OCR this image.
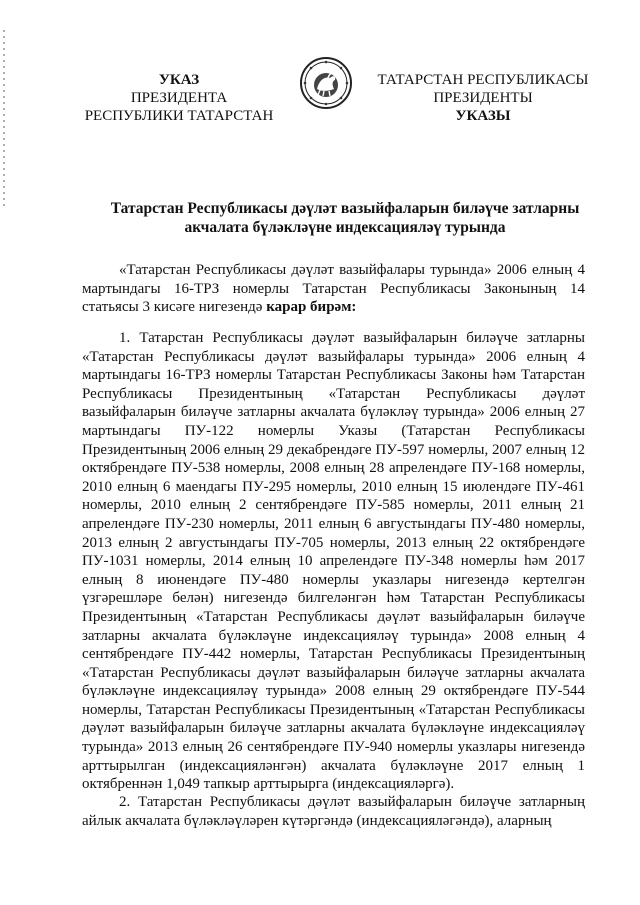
УКАЗ
ПРЕЗИДЕНТА
РЕСПУБЛИКИ ТАТАРСТАН
ТАТАРСТАН РЕСПУБЛИКАСЫ
ПРЕЗИДЕНТЫ
УКАЗЫ
Татарстан Республикасы дәүләт вазыйфаларын биләүче затларны
акчалата бүләкләүне индексацияләү турында
«Татарстан Республикасы дәүләт вазыйфалары турында» 2006 елның 4 мартындагы 16-ТРЗ номерлы Татарстан Республикасы Законының 14 статьясы 3 кисәге нигезендә карар бирәм:
1. Татарстан Республикасы дәүләт вазыйфаларын биләүче затларны «Татарстан Республикасы дәүләт вазыйфалары турында» 2006 елның 4 мартындагы 16-ТРЗ номерлы Татарстан Республикасы Законы һәм Татарстан Республикасы Президентының «Татарстан Республикасы дәүләт вазыйфаларын биләүче затларны акчалата бүләкләү турында» 2006 елның 27 мартындагы ПУ-122 номерлы Указы (Татарстан Республикасы Президентының 2006 елның 29 декабрендәге ПУ-597 номерлы, 2007 елның 12 октябрендәге ПУ-538 номерлы, 2008 елның 28 апрелендәге ПУ-168 номерлы, 2010 елның 6 маендагы ПУ-295 номерлы, 2010 елның 15 июлендәге ПУ-461 номерлы, 2010 елның 2 сентябрендәге ПУ-585 номерлы, 2011 елның 21 апрелендәге ПУ-230 номерлы, 2011 елның 6 августындагы ПУ-480 номерлы, 2013 елның 2 августындагы ПУ-705 номерлы, 2013 елның 22 октябрендәге ПУ-1031 номерлы, 2014 елның 10 апрелендәге ПУ-348 номерлы һәм 2017 елның 8 июнендәге ПУ-480 номерлы указлары нигезендә кертелгән үзгәрешләре белән) нигезендә билгеләнгән һәм Татарстан Республикасы Президентының «Татарстан Республикасы дәүләт вазыйфаларын биләүче затларны акчалата бүләкләүне индексацияләү турында» 2008 елның 4 сентябрендәге ПУ-442 номерлы, Татарстан Республикасы Президентының «Татарстан Республикасы дәүләт вазыйфаларын биләүче затларны акчалата бүләкләүне индексацияләү турында» 2008 елның 29 октябрендәге ПУ-544 номерлы, Татарстан Республикасы Президентының «Татарстан Республикасы дәүләт вазыйфаларын биләүче затларны акчалата бүләкләүне индексацияләү турында» 2013 елның 26 сентябрендәге ПУ-940 номерлы указлары нигезендә арттырылган (индексацияләнгән) акчалата бүләкләүне 2017 елның 1 октябреннән 1,049 тапкыр арттырырга (индексацияләргә).
2. Татарстан Республикасы дәүләт вазыйфаларын биләүче затларның айлык акчалата бүләкләүләрен күтәргәндә (индексацияләгәндә), аларның
